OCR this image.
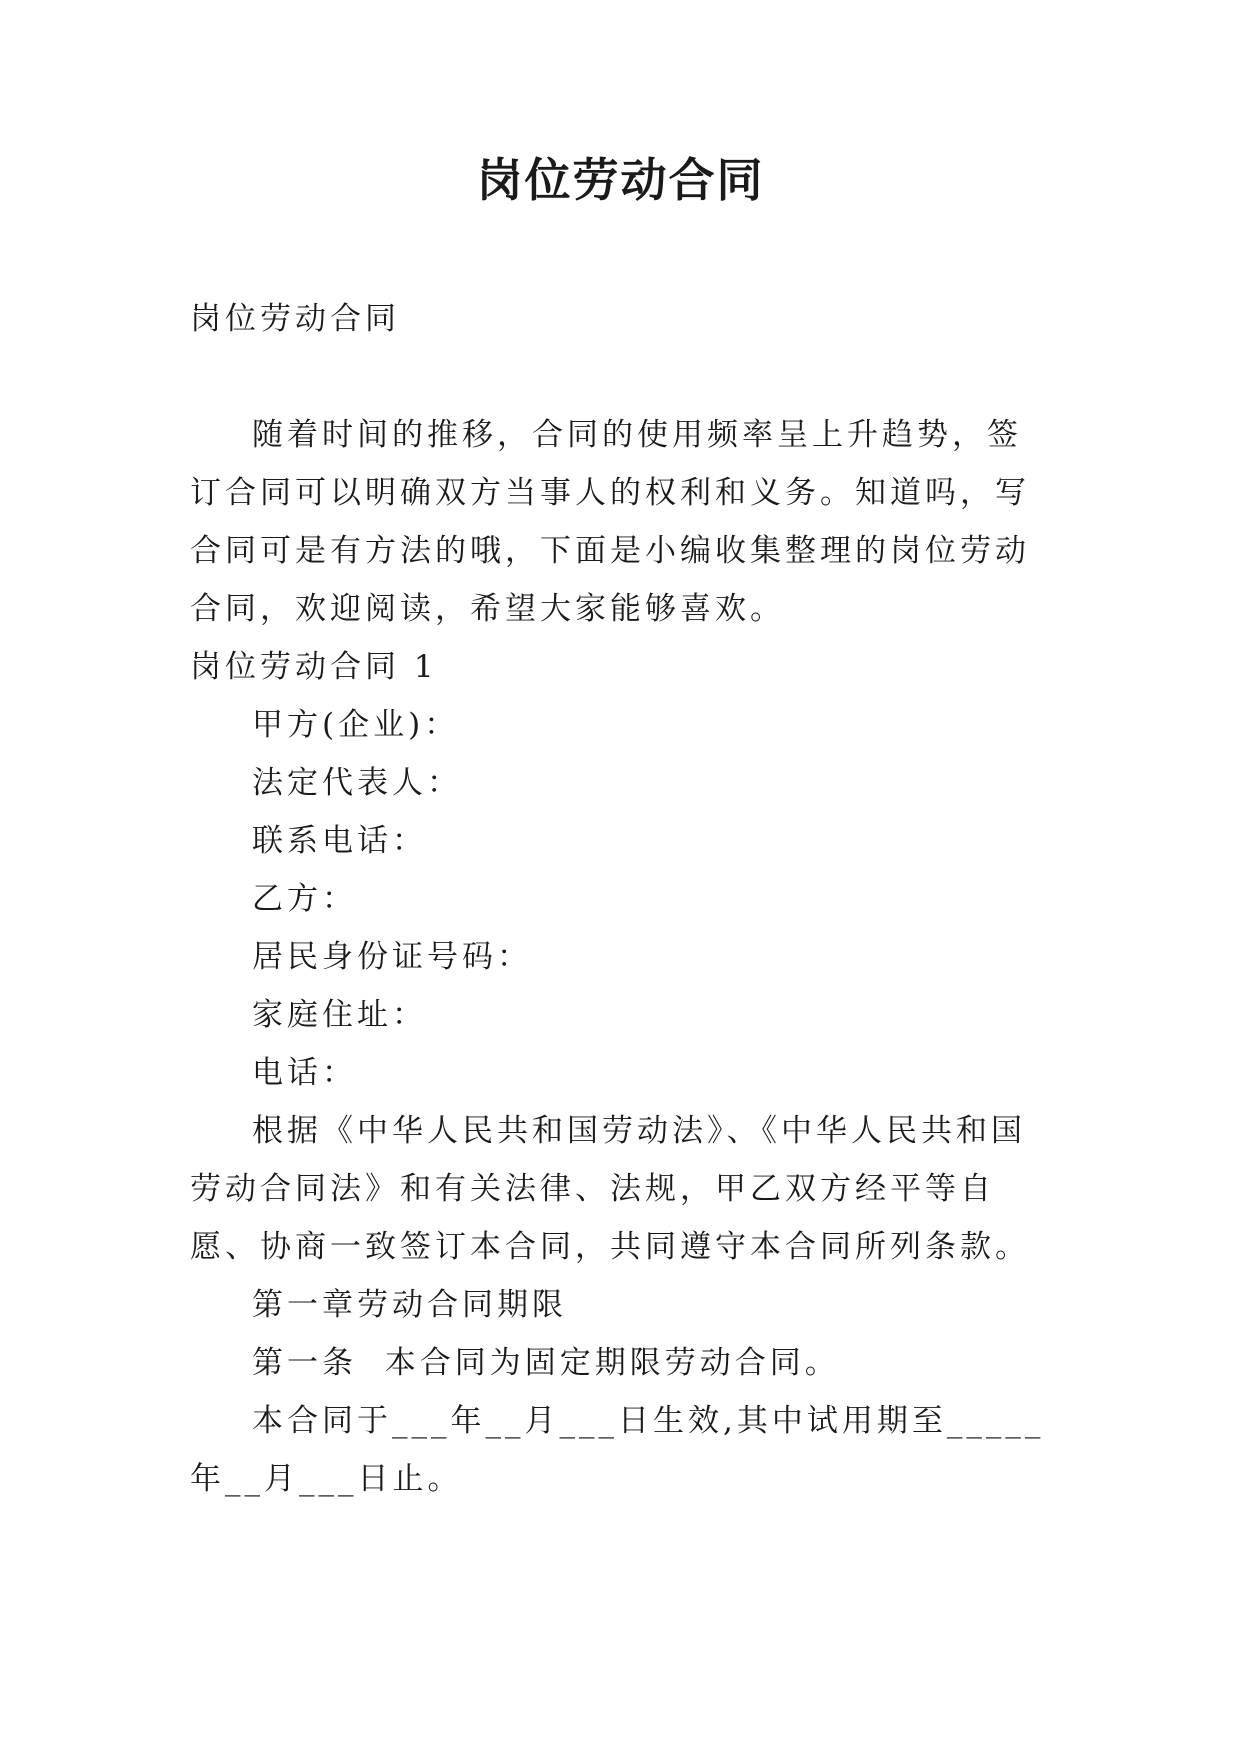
岗位劳动合同

岗位劳动合同

随着时间的推移，合同的使用频率呈上升趋势，签订合同可以明确双方当事人的权利和义务。知道吗，写合同可是有方法的哦，下面是小编收集整理的岗位劳动合同，欢迎阅读，希望大家能够喜欢。

岗位劳动合同 1

甲方(企业)：

法定代表人：

联系电话：

乙方：

居民身份证号码：

家庭住址：

电话：

根据《中华人民共和国劳动法》、《中华人民共和国劳动合同法》和有关法律、法规，甲乙双方经平等自愿、协商一致签订本合同，共同遵守本合同所列条款。

第一章劳动合同期限

第一条  本合同为固定期限劳动合同。

本合同于___年__月___日生效,其中试用期至_____年__月___日止。
